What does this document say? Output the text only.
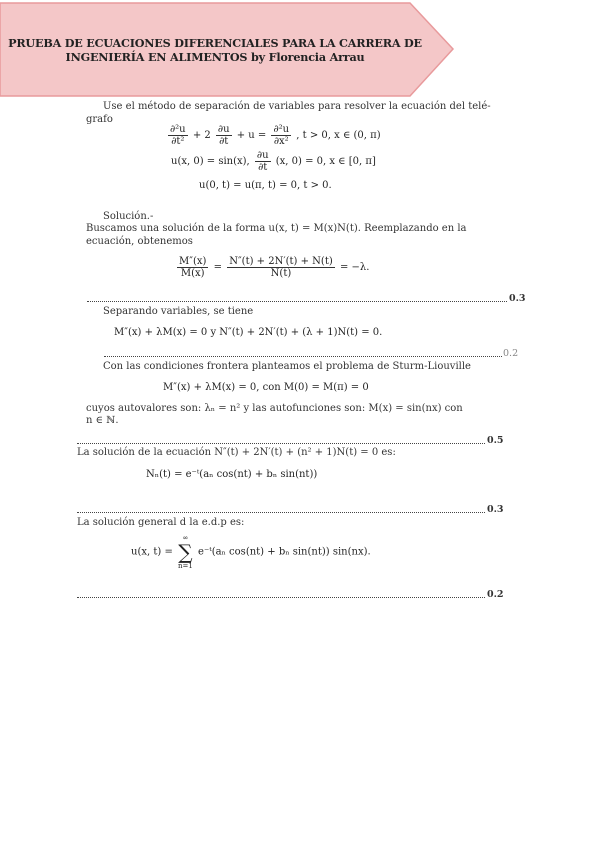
PRUEBA DE ECUACIONES DIFERENCIALES PARA LA CARRERA DE
INGENIERÍA EN ALIMENTOS by Florencia Arrau
Use el método de separación de variables para resolver la ecuación del telé-
grafo
$\frac{\text{∂²u}}{\text{∂t²}} + 2 \frac{\partial u}{\partial t} + u = \frac{\text{∂²u}}{\text{∂x²}}$ , t > 0, x ∈ (0, π)
u(x, 0) = sin(x), $\frac{\partial u}{\partial t} (x$, 0) = 0, x ∈ [0, π]
u(0, t) = u(π, t) = 0, t > 0.
Solución.-
Buscamos una solución de la forma u(x, t) = M(x)N(t). Reemplazando en la
ecuación, obtenemos
$\frac{M''(x)}{M(x)} = \frac{N''(t) + 2N'(t) + N(t)}{N(t)} = -\lambda$.
0.3
Separando variables, se tiene
M″(x) + λM(x) = 0 y N″(t) + 2N′(t) + (λ + 1)N(t) = 0.
0.2
Con las condiciones frontera planteamos el problema de Sturm-Liouville
M″(x) + λM(x) = 0, con M(0) = M(π) = 0
cuyos autovalores son: λₙ = n² y las autofunciones son: M(x) = sin(nx) con
n ∈ ℕ.
0.5
La solución de la ecuación N″(t) + 2N′(t) + (n² + 1)N(t) = 0 es:
Nₙ(t) = e⁻ᵗ(aₙ cos(nt) + bₙ sin(nt))
0.3
La solución general d la e.d.p es:
u(x, t) =
∞
∑
n=1
e⁻ᵗ(aₙ cos(nt) + bₙ sin(nt)) sin(nx).
0.2
